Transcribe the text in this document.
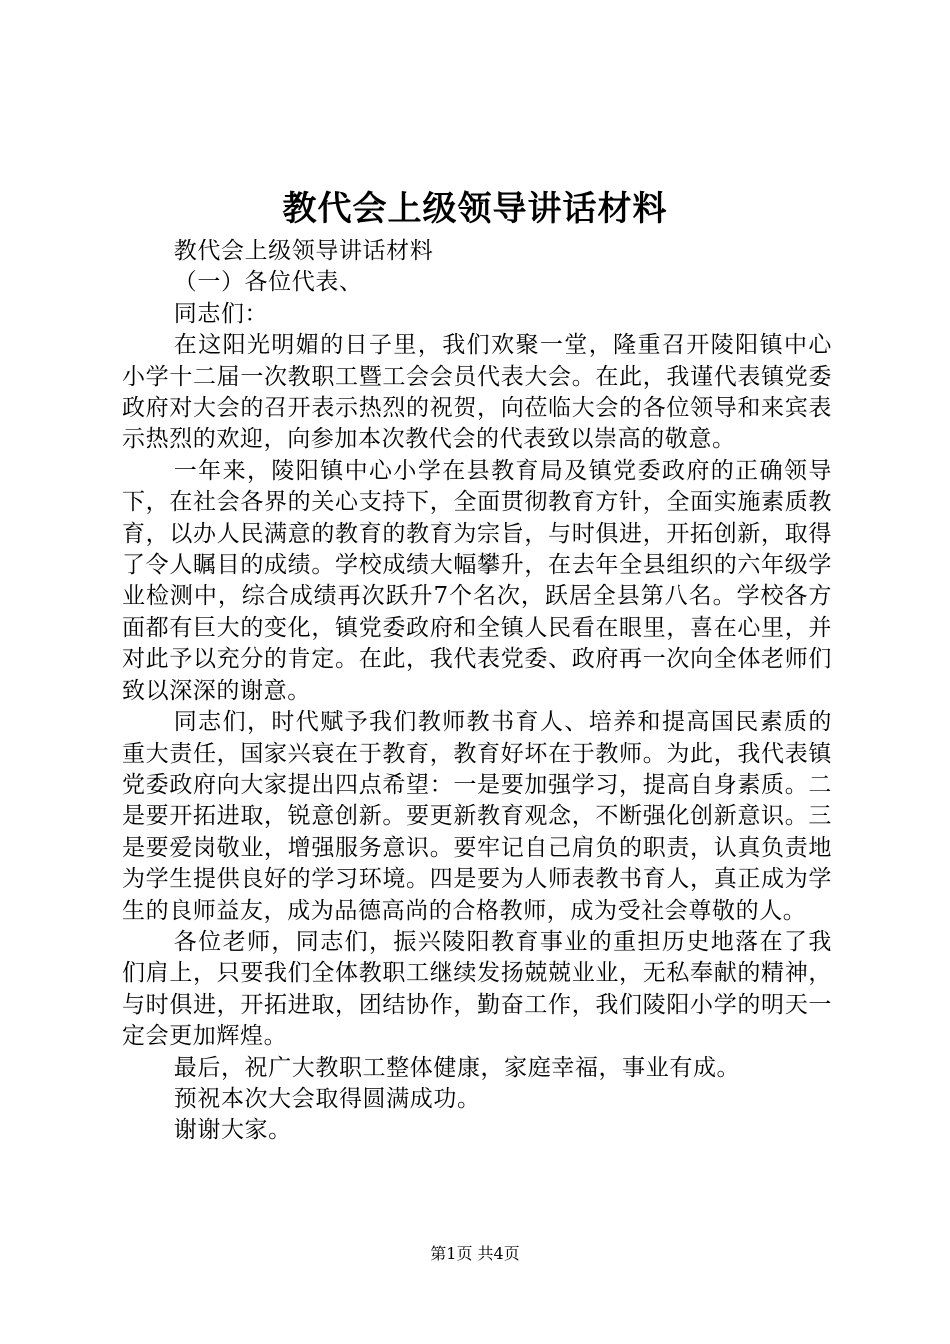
教代会上级领导讲话材料

教代会上级领导讲话材料

（一）各位代表、

同志们：

在这阳光明媚的日子里，我们欢聚一堂，隆重召开陵阳镇中心小学十二届一次教职工暨工会会员代表大会。在此，我谨代表镇党委政府对大会的召开表示热烈的祝贺，向莅临大会的各位领导和来宾表示热烈的欢迎，向参加本次教代会的代表致以崇高的敬意。

一年来，陵阳镇中心小学在县教育局及镇党委政府的正确领导下，在社会各界的关心支持下，全面贯彻教育方针，全面实施素质教育，以办人民满意的教育的教育为宗旨，与时俱进，开拓创新，取得了令人瞩目的成绩。学校成绩大幅攀升，在去年全县组织的六年级学业检测中，综合成绩再次跃升7个名次，跃居全县第八名。学校各方面都有巨大的变化，镇党委政府和全镇人民看在眼里，喜在心里，并对此予以充分的肯定。在此，我代表党委、政府再一次向全体老师们致以深深的谢意。

同志们，时代赋予我们教师教书育人、培养和提高国民素质的重大责任，国家兴衰在于教育，教育好坏在于教师。为此，我代表镇党委政府向大家提出四点希望：一是要加强学习，提高自身素质。二是要开拓进取，锐意创新。要更新教育观念，不断强化创新意识。三是要爱岗敬业，增强服务意识。要牢记自己肩负的职责，认真负责地为学生提供良好的学习环境。四是要为人师表教书育人，真正成为学生的良师益友，成为品德高尚的合格教师，成为受社会尊敬的人。

各位老师，同志们，振兴陵阳教育事业的重担历史地落在了我们肩上，只要我们全体教职工继续发扬兢兢业业，无私奉献的精神，与时俱进，开拓进取，团结协作，勤奋工作，我们陵阳小学的明天一定会更加辉煌。

最后，祝广大教职工整体健康，家庭幸福，事业有成。

预祝本次大会取得圆满成功。

谢谢大家。

第1页 共4页
